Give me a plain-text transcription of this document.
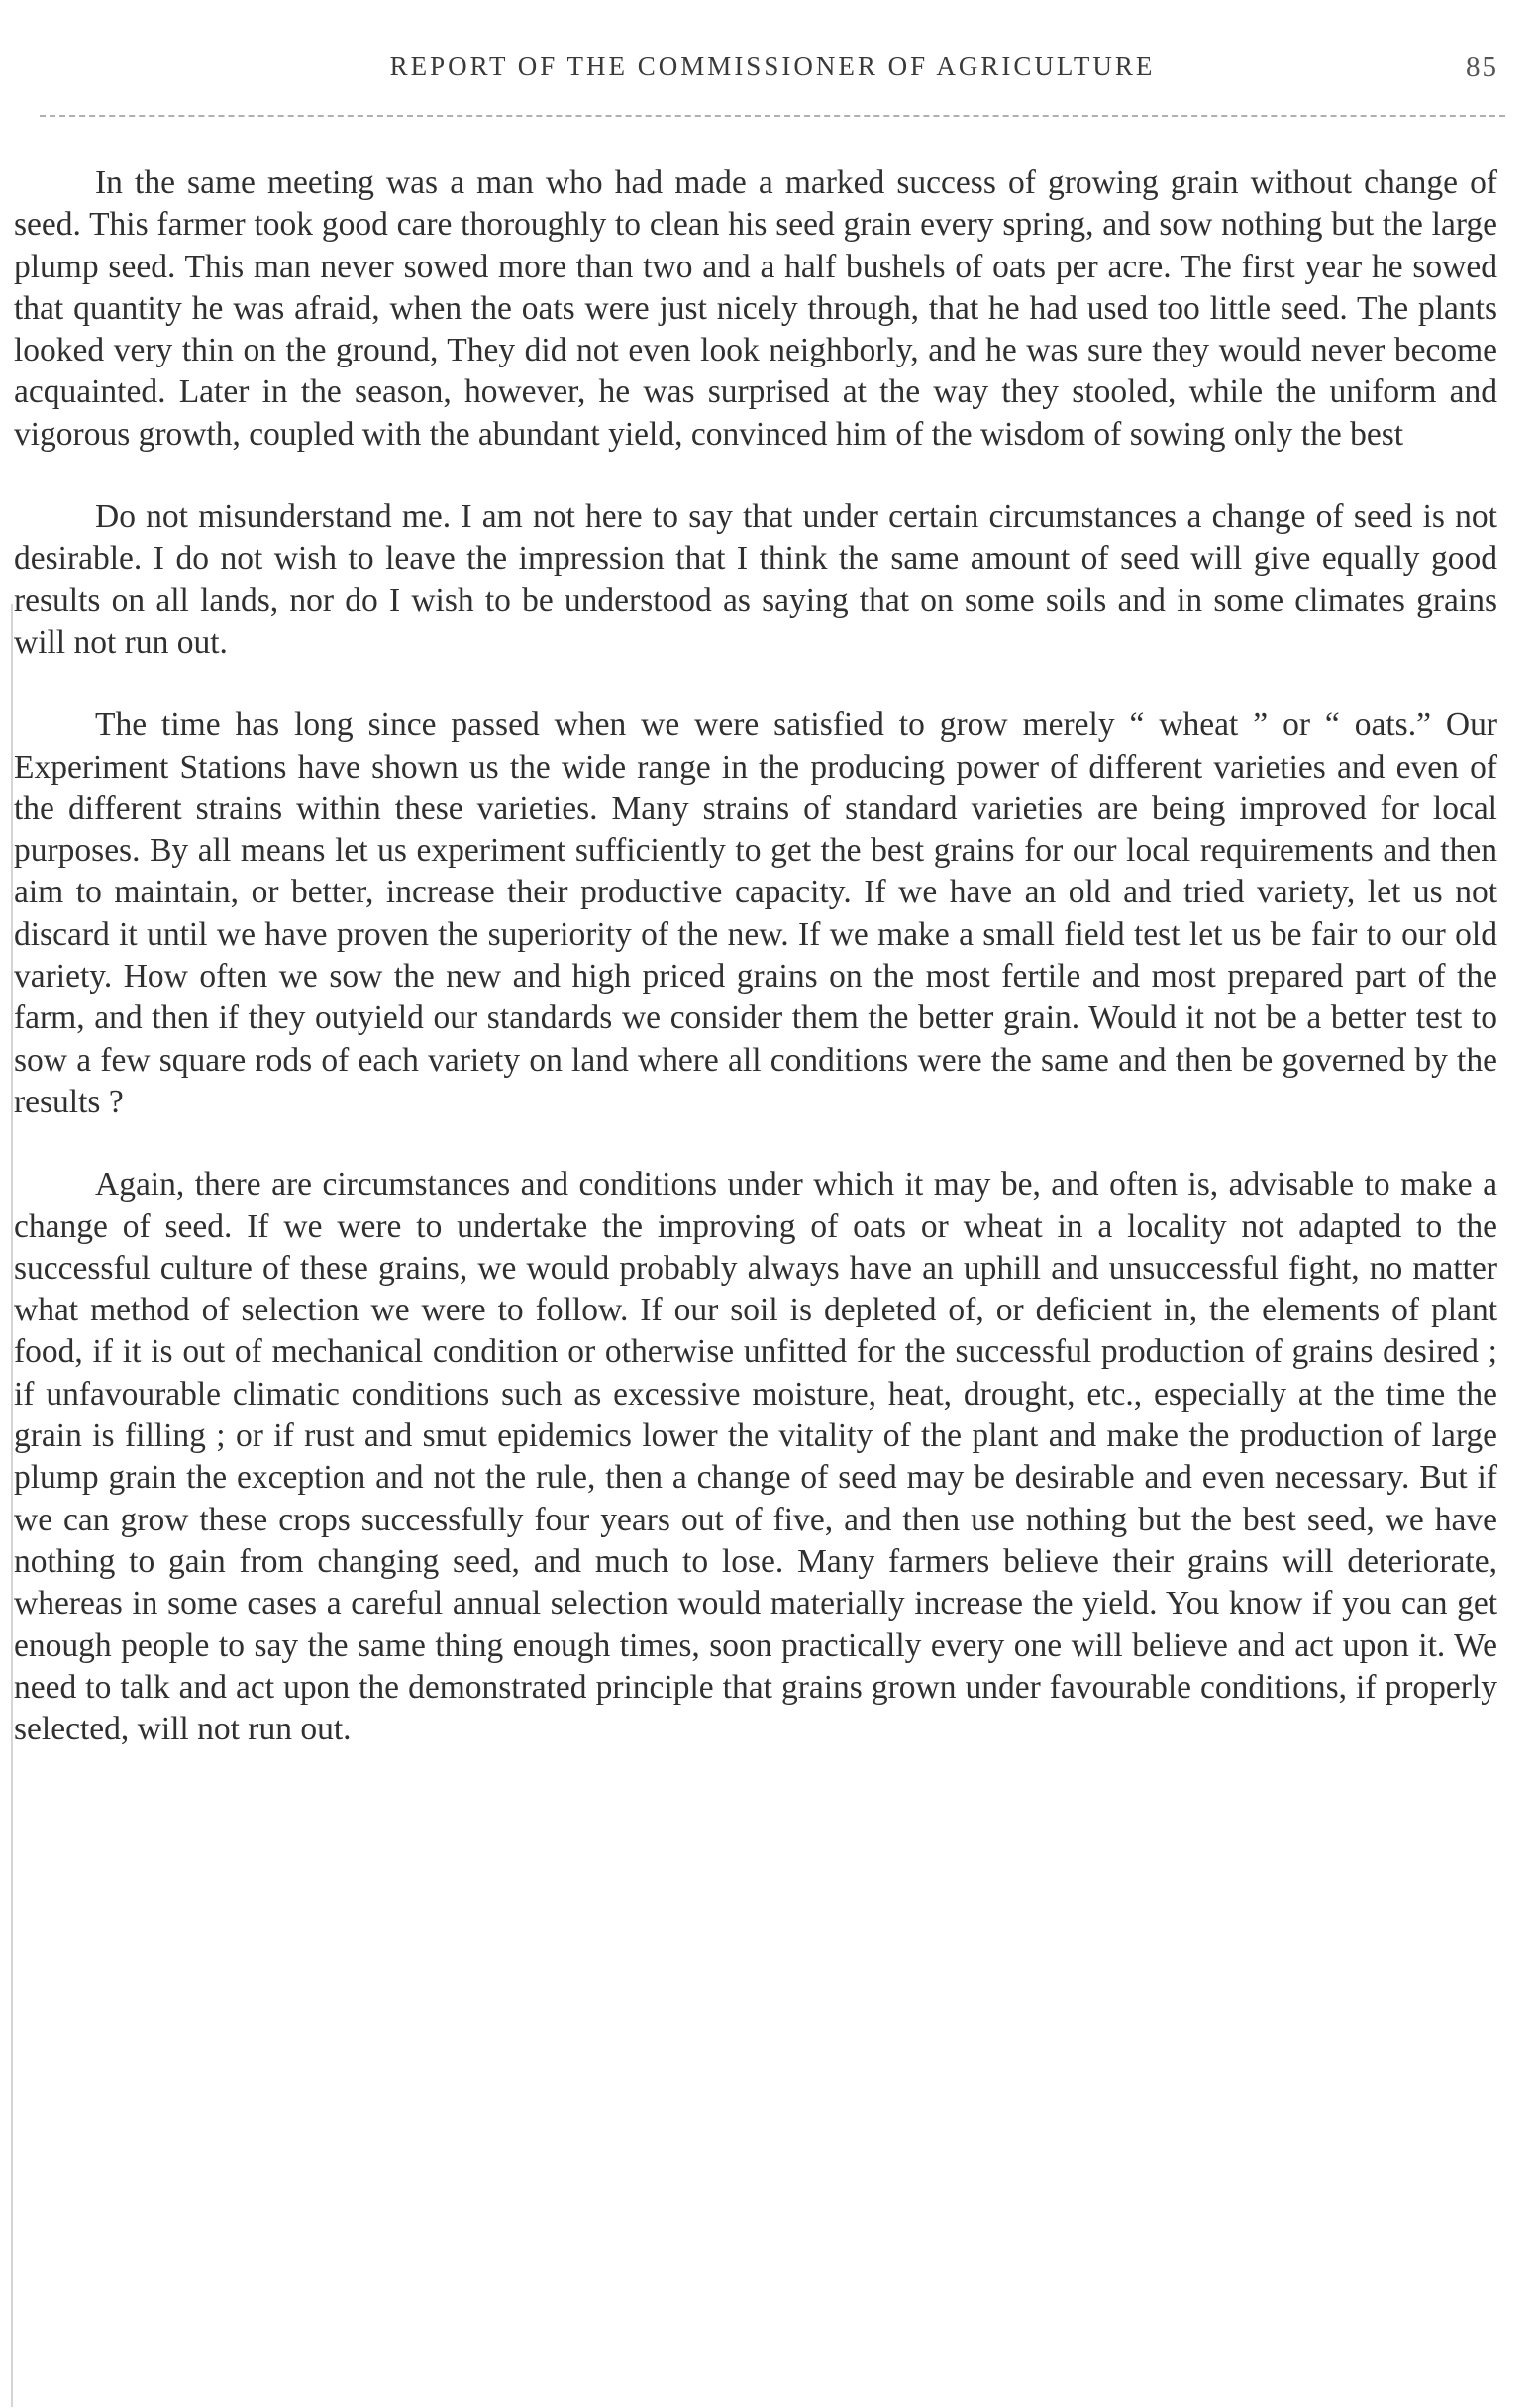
REPORT OF THE COMMISSIONER OF AGRICULTURE	85

In the same meeting was a man who had made a marked success of growing grain without change of seed. This farmer took good care thoroughly to clean his seed grain every spring, and sow nothing but the large plump seed. This man never sowed more than two and a half bushels of oats per acre. The first year he sowed that quantity he was afraid, when the oats were just nicely through, that he had used too little seed. The plants looked very thin on the ground, They did not even look neighborly, and he was sure they would never become acquainted. Later in the season, however, he was surprised at the way they stooled, while the uniform and vigorous growth, coupled with the abundant yield, convinced him of the wisdom of sowing only the best

Do not misunderstand me. I am not here to say that under certain circumstances a change of seed is not desirable. I do not wish to leave the impression that I think the same amount of seed will give equally good results on all lands, nor do I wish to be understood as saying that on some soils and in some climates grains will not run out.

The time has long since passed when we were satisfied to grow merely “ wheat ” or “ oats.” Our Experiment Stations have shown us the wide range in the producing power of different varieties and even of the different strains within these varieties. Many strains of standard varieties are being improved for local purposes. By all means let us experiment sufficiently to get the best grains for our local requirements and then aim to maintain, or better, increase their productive capacity. If we have an old and tried variety, let us not discard it until we have proven the superiority of the new. If we make a small field test let us be fair to our old variety. How often we sow the new and high priced grains on the most fertile and most prepared part of the farm, and then if they outyield our standards we consider them the better grain. Would it not be a better test to sow a few square rods of each variety on land where all conditions were the same and then be governed by the results ?

Again, there are circumstances and conditions under which it may be, and often is, advisable to make a change of seed. If we were to undertake the improving of oats or wheat in a locality not adapted to the successful culture of these grains, we would probably always have an uphill and unsuccessful fight, no matter what method of selection we were to follow. If our soil is depleted of, or deficient in, the elements of plant food, if it is out of mechanical condition or otherwise unfitted for the successful production of grains desired ; if unfavourable climatic conditions such as excessive moisture, heat, drought, etc., especially at the time the grain is filling ; or if rust and smut epidemics lower the vitality of the plant and make the production of large plump grain the exception and not the rule, then a change of seed may be desirable and even necessary. But if we can grow these crops successfully four years out of five, and then use nothing but the best seed, we have nothing to gain from changing seed, and much to lose. Many farmers believe their grains will deteriorate, whereas in some cases a careful annual selection would materially increase the yield. You know if you can get enough people to say the same thing enough times, soon practically every one will believe and act upon it. We need to talk and act upon the demonstrated principle that grains grown under favourable conditions, if properly selected, will not run out.
